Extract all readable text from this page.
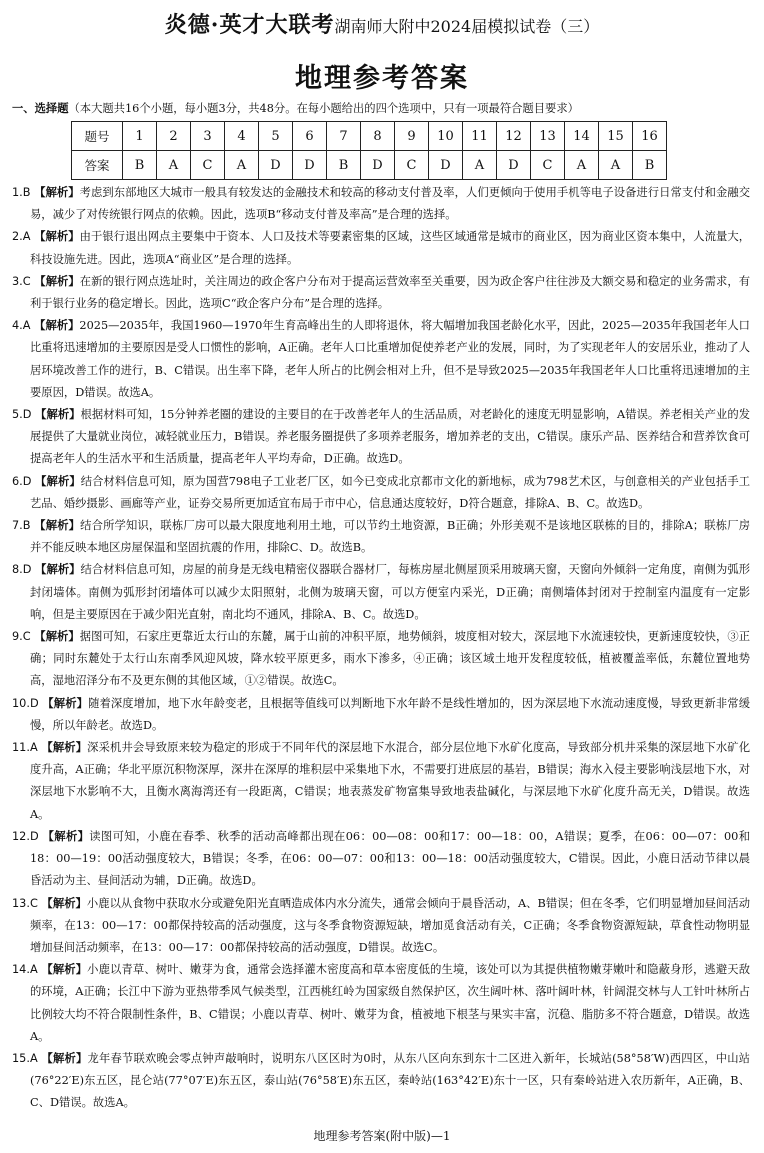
炎德·英才大联考湖南师大附中2024届模拟试卷（三）
地理参考答案
一、选择题（本大题共16个小题，每小题3分，共48分。在每小题给出的四个选项中，只有一项最符合题目要求）
题号	1	2	3	4	5	6	7	8	9	10	11	12	13	14	15	16
答案	B	A	C	A	D	D	B	D	C	D	A	D	C	A	A	B
1.B 【解析】考虑到东部地区大城市一般具有较发达的金融技术和较高的移动支付普及率，人们更倾向于使用手机等电子设备进行日常支付和金融交易，减少了对传统银行网点的依赖。因此，选项B“移动支付普及率高”是合理的选择。
2.A 【解析】由于银行退出网点主要集中于资本、人口及技术等要素密集的区域，这些区域通常是城市的商业区，因为商业区资本集中，人流量大，科技设施先进。因此，选项A“商业区”是合理的选择。
3.C 【解析】在新的银行网点选址时，关注周边的政企客户分布对于提高运营效率至关重要，因为政企客户往往涉及大额交易和稳定的业务需求，有利于银行业务的稳定增长。因此，选项C“政企客户分布”是合理的选择。
4.A 【解析】2025—2035年，我国1960—1970年生育高峰出生的人即将退休，将大幅增加我国老龄化水平，因此，2025—2035年我国老年人口比重将迅速增加的主要原因是受人口惯性的影响，A正确。老年人口比重增加促使养老产业的发展，同时，为了实现老年人的安居乐业，推动了人居环境改善工作的进行，B、C错误。出生率下降，老年人所占的比例会相对上升，但不是导致2025—2035年我国老年人口比重将迅速增加的主要原因，D错误。故选A。
5.D 【解析】根据材料可知，15分钟养老圈的建设的主要目的在于改善老年人的生活品质，对老龄化的速度无明显影响，A错误。养老相关产业的发展提供了大量就业岗位，减轻就业压力，B错误。养老服务圈提供了多项养老服务，增加养老的支出，C错误。康乐产品、医养结合和营养饮食可提高老年人的生活水平和生活质量，提高老年人平均寿命，D正确。故选D。
6.D 【解析】结合材料信息可知，原为国营798电子工业老厂区，如今已变成北京都市文化的新地标，成为798艺术区，与创意相关的产业包括手工艺品、婚纱摄影、画廊等产业，证券交易所更加适宜布局于市中心，信息通达度较好，D符合题意，排除A、B、C。故选D。
7.B 【解析】结合所学知识，联栋厂房可以最大限度地利用土地，可以节约土地资源，B正确；外形美观不是该地区联栋的目的，排除A；联栋厂房并不能反映本地区房屋保温和坚固抗震的作用，排除C、D。故选B。
8.D 【解析】结合材料信息可知，房屋的前身是无线电精密仪器联合器材厂，每栋房屋北侧屋顶采用玻璃天窗，天窗向外倾斜一定角度，南侧为弧形封闭墙体。南侧为弧形封闭墙体可以减少太阳照射，北侧为玻璃天窗，可以方便室内采光，D正确；南侧墙体封闭对于控制室内温度有一定影响，但是主要原因在于减少阳光直射，南北均不通风，排除A、B、C。故选D。
9.C 【解析】据图可知，石家庄更靠近太行山的东麓，属于山前的冲积平原，地势倾斜，坡度相对较大，深层地下水流速较快，更新速度较快，③正确；同时东麓处于太行山东南季风迎风坡，降水较平原更多，雨水下渗多，④正确；该区域土地开发程度较低，植被覆盖率低，东麓位置地势高，湿地沼泽分布不及更东侧的其他区域，①②错误。故选C。
10.D 【解析】随着深度增加，地下水年龄变老，且根据等值线可以判断地下水年龄不是线性增加的，因为深层地下水流动速度慢，导致更新非常缓慢，所以年龄老。故选D。
11.A 【解析】深采机井会导致原来较为稳定的形成于不同年代的深层地下水混合，部分层位地下水矿化度高，导致部分机井采集的深层地下水矿化度升高，A正确；华北平原沉积物深厚，深井在深厚的堆积层中采集地下水，不需要打进底层的基岩，B错误；海水入侵主要影响浅层地下水，对深层地下水影响不大，且衡水离海湾还有一段距离，C错误；地表蒸发矿物富集导致地表盐碱化，与深层地下水矿化度升高无关，D错误。故选A。
12.D 【解析】读图可知，小鹿在春季、秋季的活动高峰都出现在06：00—08：00和17：00—18：00，A错误；夏季，在06：00—07：00和18：00—19：00活动强度较大，B错误；冬季，在06：00—07：00和13：00—18：00活动强度较大，C错误。因此，小鹿日活动节律以晨昏活动为主、昼间活动为辅，D正确。故选D。
13.C 【解析】小鹿以从食物中获取水分或避免阳光直晒造成体内水分流失，通常会倾向于晨昏活动，A、B错误；但在冬季，它们明显增加昼间活动频率，在13：00—17：00都保持较高的活动强度，这与冬季食物资源短缺，增加觅食活动有关，C正确；冬季食物资源短缺，草食性动物明显增加昼间活动频率，在13：00—17：00都保持较高的活动强度，D错误。故选C。
14.A 【解析】小鹿以青草、树叶、嫩芽为食，通常会选择灌木密度高和草本密度低的生境，该处可以为其提供植物嫩芽嫩叶和隐蔽身形，逃避天敌的环境，A正确；长江中下游为亚热带季风气候类型，江西桃红岭为国家级自然保护区，次生阔叶林、落叶阔叶林，针阔混交林与人工针叶林所占比例较大均不符合限制性条件，B、C错误；小鹿以青草、树叶、嫩芽为食，植被地下根茎与果实丰富，沉稳、脂肪多不符合题意，D错误。故选A。
15.A 【解析】龙年春节联欢晚会零点钟声敲响时，说明东八区区时为0时，从东八区向东到东十二区进入新年，长城站(58°58′W)西四区，中山站(76°22′E)东五区，昆仑站(77°07′E)东五区，泰山站(76°58′E)东五区，秦岭站(163°42′E)东十一区，只有秦岭站进入农历新年，A正确，B、C、D错误。故选A。
地理参考答案(附中版)—1
